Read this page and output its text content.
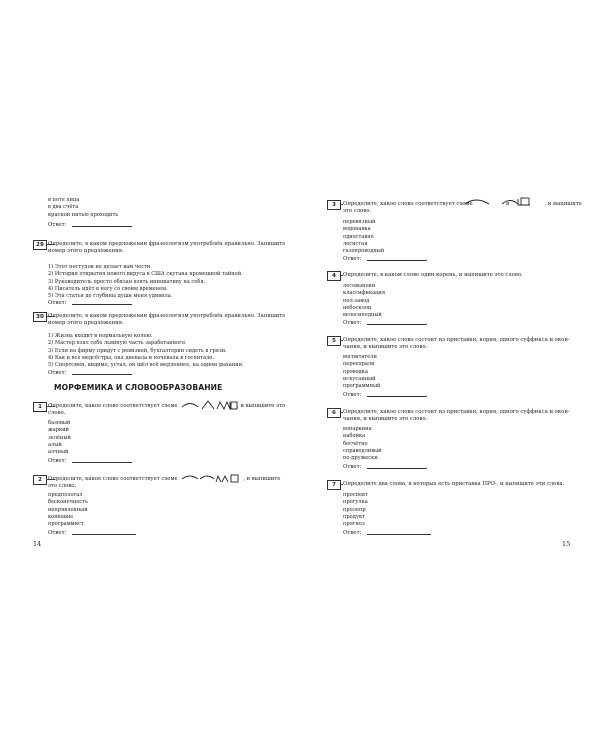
в поте лица
в два счёта
красной нитью проходить
Ответ:
29 Определите, в каком предложении фразеологизм употреблён правильно. Запишите
номер этого предложения.
1) Этот поступок не делает вам чести.
2) История открытия нового вируса в США скутана кромешной тайной.
3) Руководитель просто обязан взять инициативу на себя.
4) Писатель идёт в ногу со своим временем.
5) Эта статья до глубины души меня удивила.
Ответ:
30 Определите, в каком предложении фразеологизм употреблён правильно. Запишите
номер этого предложения.
1) Жизнь входит в нормальную колею.
2) Мастер взял себе львиную часть заработанного.
3) Если на фирму придут с ревизией, бухгалтерии сидеть в грязи.
4) Как и все медсёстры, она дневала и ночевала в госпитале.
5) Спортсмен, видимо, устал, он шёл всё медленнее, на одном дыхании.
Ответ:
МОРФЕМИКА И СЛОВООБРАЗОВАНИЕ
1	Определите, какое слово соответствует схеме	, и выпишите это
слово.
базовый
жаркий
зелёный
алый
алчный
Ответ:
2	Определите, какое слово соответствует схеме	, и выпишите
это слово.
предпологал
бесконечность
непрявленный
конюшне
программист
Ответ:
14
3	Определите, какое слово соответствует схеме	в	, и выпишите
это слово.
перевязный
водонавка
одноставно
лесистая
газопроводный
Ответ:
4	Определите, в каком слове один корень, и выпишите это слово.
лесовыноки
классификация
пол-завод
небосклон
велосипедный
Ответ:
5	Определите, какое слово состоит из приставки, корня, одного суффикса и окон-
чания, и выпишите это слово.
воспитатели
переехрали
проводка
искусанный
программный
Ответ:
6	Определите, какое слово состоит из приставки, корня, одного суффикса и окон-
чания, и выпишите это слово.
вопаркина
набойка
бесчётно
справедливый
по-дружески
Ответ:
7	Определите два слова, в которых есть приставка ПРО-, и выпишите эти слова.
проспект
прогулка
пролепр
продукт
прогноз
Ответ:
15
